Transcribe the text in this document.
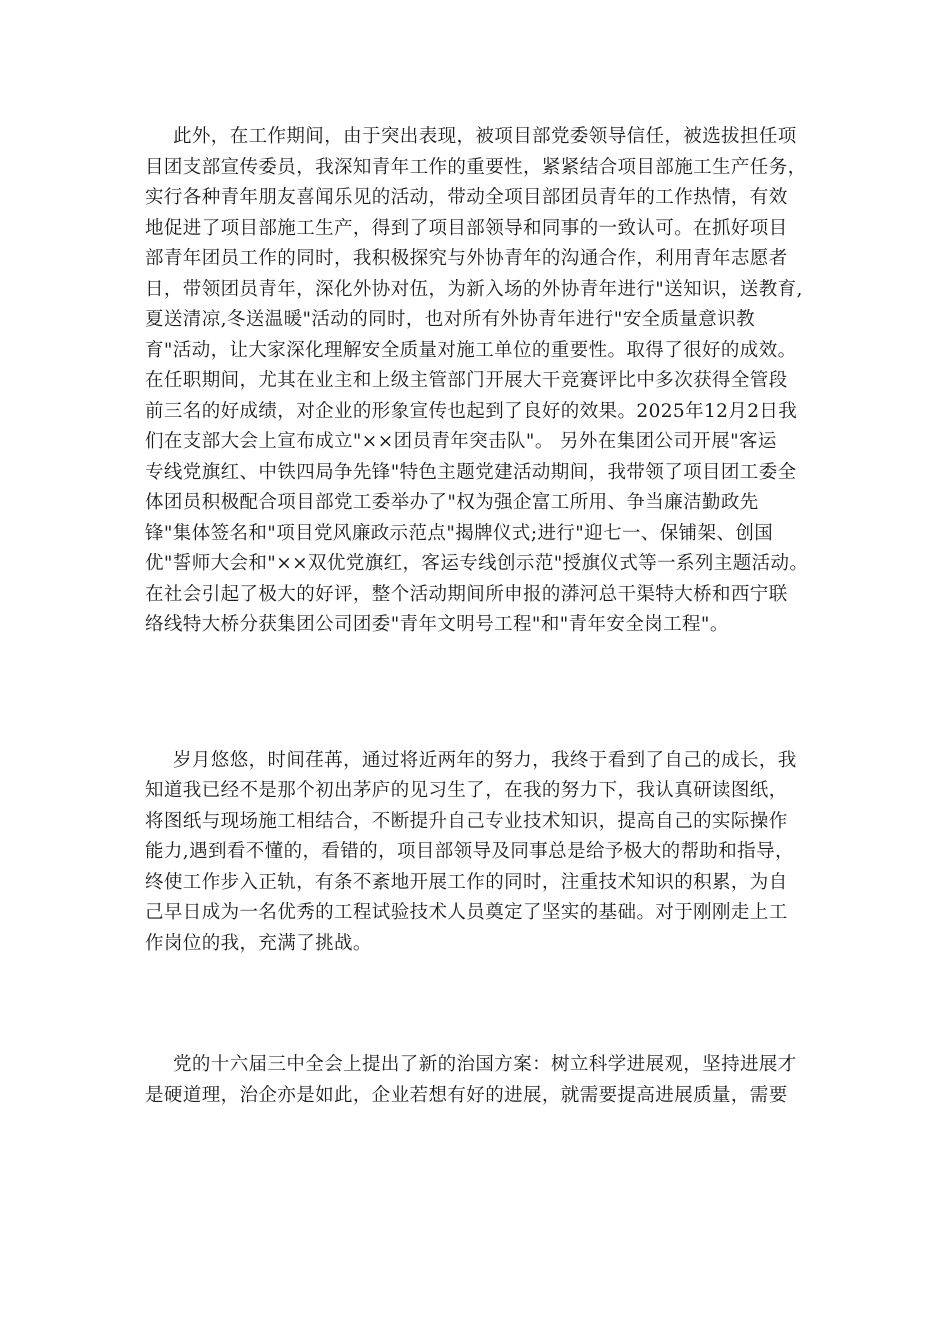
此外，在工作期间，由于突出表现，被项目部党委领导信任，被选拔担任项
目团支部宣传委员，我深知青年工作的重要性，紧紧结合项目部施工生产任务，
实行各种青年朋友喜闻乐见的活动，带动全项目部团员青年的工作热情，有效
地促进了项目部施工生产，得到了项目部领导和同事的一致认可。在抓好项目
部青年团员工作的同时，我积极探究与外协青年的沟通合作，利用青年志愿者
日，带领团员青年，深化外协对伍，为新入场的外协青年进行"送知识，送教育,
夏送清凉,冬送温暖"活动的同时，也对所有外协青年进行"安全质量意识教
育"活动，让大家深化理解安全质量对施工单位的重要性。取得了很好的成效。
在任职期间，尤其在业主和上级主管部门开展大干竞赛评比中多次获得全管段
前三名的好成绩，对企业的形象宣传也起到了良好的效果。2025年12月2日我
们在支部大会上宣布成立"××团员青年突击队"。 另外在集团公司开展"客运
专线党旗红、中铁四局争先锋"特色主题党建活动期间，我带领了项目团工委全
体团员积极配合项目部党工委举办了"权为强企富工所用、争当廉洁勤政先
锋"集体签名和"项目党风廉政示范点"揭牌仪式;进行"迎七一、保铺架、创国
优"誓师大会和"××双优党旗红，客运专线创示范"授旗仪式等一系列主题活动。
在社会引起了极大的好评，整个活动期间所申报的漭河总干渠特大桥和西宁联
络线特大桥分获集团公司团委"青年文明号工程"和"青年安全岗工程"。
岁月悠悠，时间荏苒，通过将近两年的努力，我终于看到了自己的成长，我
知道我已经不是那个初出茅庐的见习生了，在我的努力下，我认真研读图纸，
将图纸与现场施工相结合，不断提升自己专业技术知识，提高自己的实际操作
能力,遇到看不懂的，看错的，项目部领导及同事总是给予极大的帮助和指导，
终使工作步入正轨，有条不紊地开展工作的同时，注重技术知识的积累，为自
己早日成为一名优秀的工程试验技术人员奠定了坚实的基础。对于刚刚走上工
作岗位的我，充满了挑战。
党的十六届三中全会上提出了新的治国方案：树立科学进展观，坚持进展才
是硬道理，治企亦是如此，企业若想有好的进展，就需要提高进展质量，需要
